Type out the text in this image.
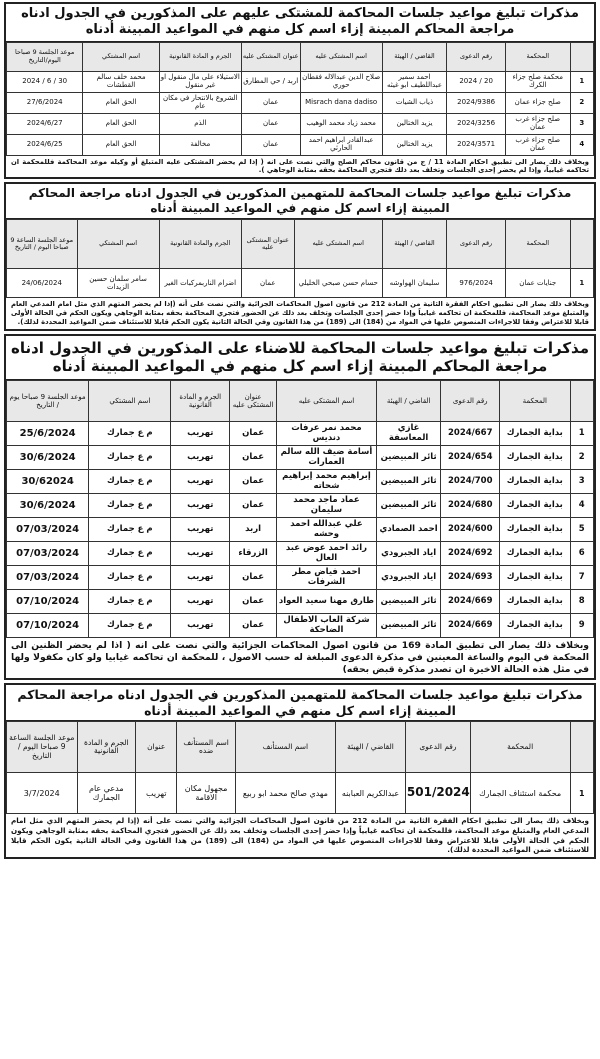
مذكرات تبليغ مواعيد جلسات المحاكمة للمشتكى عليهم على المذكورين في الجدول ادناه مراجعة المحاكم المبينة إزاء اسم كل منهم في المواعيد المبينة أدناه
	المحكمة	رقم الدعوى	القاضي / الهيئة	اسم المشتكى عليه	عنوان المشتكى عليه	الجرم و المادة القانونية	اسم المشتكي	موعد الجلسة 9 صباحا اليوم/التاريخ
1	محكمة صلح جزاء الكرك	20 / 2024	احمد سمير عبداللطيف ابو غيثه	صلاح الدين عبدالاله فقطان حوري	اربد / حي المطارق	الاستيلاء على مال منقول او غير منقول	محمد خلف سالم القطشات	30 / 6 / 2024
2	صلح جزاء عمان	2024/9386	ذياب الشيات	Misrach dana dadiso	عمان	الشروع بالانتحار في مكان عام	الحق العام	27/6/2024
3	صلح جزاء غرب عمان	2024/3256	يزيد الختالين	محمد زياد محمد الوهيب	عمان	الذم	الحق العام	2024/6/27
4	صلح جزاء غرب عمان	2024/3571	يزيد الختالين	عبدالقادر ابراهيم احمد الحارثي	عمان	مخالفة	الحق العام	2024/6/25
وبخلاف ذلك يصار الى تطبيق احكام المادة 11 / ج من قانون محاكم الصلح والتي نصت على انه ( إذا لم يحضر المشتكى عليه المتبلغ أو وكيله موعد المحاكمة فللمحكمة ان تحاكمه غيابياً، وإذا لم يحضر إحدى الجلسات وتخلف بعد ذلك فتجري المحاكمة بحقه بمثابة الوجاهي ).
مذكرات تبليغ مواعيد جلسات المحاكمة للمتهمين المذكورين في الجدول ادناه مراجعة المحاكم المبينة إزاء اسم كل منهم في المواعيد المبينة أدناه
	المحكمة	رقم الدعوى	القاضي / الهيئة	اسم المشتكى عليه	عنوان المشتكى عليه	الجرم والمادة القانونية	اسم المشتكي	موعد الجلسة الساعة 9 صباحا اليوم / التاريخ
1	جنايات عمان	976/2024	سليمان الهواوشه	حسام حسن صبحي الخليلي	عمان	اضرام الناربمركبات الغير	سامر سلمان حسين الزيدات	24/06/2024
وبخلاف ذلك يصار الى تطبيق احكام الفقرة الثانية من المادة 212 من قانون اصول المحاكمات الجزائية والتي نصت على أنه (إذا لم يحضر المتهم الذي مثل امام المدعي العام والمتبلغ موعد المحاكمة، فللمحكمة ان تحاكمه غيابياً وإذا حضر إحدى الجلسات وتخلف بعد ذلك عن الحضور فتجري المحاكمة بحقه بمثابة الوجاهي ويكون الحكم في الحالة الأولى قابلا للاعتراض وفقا للاجراءات المنصوص عليها في المواد من (184) الى (189) من هذا القانون وفي الحالة الثانية يكون الحكم قابلا للاستئناف ضمن المواعيد المحددة لذلك).
مذكرات تبليغ مواعيد جلسات المحاكمة للاضناء على المذكورين في الجدول ادناه مراجعة المحاكم المبينة إزاء اسم كل منهم في المواعيد المبينة أدناه
	المحكمة	رقم الدعوى	القاضي / الهيئة	اسم المشتكى عليه	عنوان المشتكى عليه	الجرم و المادة القانونية	اسم المشتكي	موعد الجلسة 9 صباحا يوم / التاريخ
1	بداية الجمارك	2024/667	غازي المعاسفة	محمد نمر عرفات دنديس	عمان	تهريب	م ع جمارك	25/6/2024
2	بداية الجمارك	2024/654	ثائر المبيضين	أسامة ضيف الله سالم العمارات	عمان	تهريب	م ع جمارك	30/6/2024
3	بداية الجمارك	2024/700	ثائر المبيضين	إبراهيم محمد إبراهيم شحاته	عمان	تهريب	م ع جمارك	30/62024
4	بداية الجمارك	2024/680	ثائر المبيضين	عماد ماجد محمد سليمان	عمان	تهريب	م ع جمارك	30/6/2024
5	بداية الجمارك	2024/600	احمد الصمادي	علي عبدالله احمد وحشه	اربد	تهريب	م ع جمارك	07/03/2024
6	بداية الجمارك	2024/692	اياد الجبرودي	رائد احمد عوض عبد العال	الزرقاء	تهريب	م ع جمارك	07/03/2024
7	بداية الجمارك	2024/693	اياد الجبرودي	احمد فياض مطر الشرفات	عمان	تهريب	م ع جمارك	07/03/2024
8	بداية الجمارك	2024/669	ثائر المبيضين	طارق مهنا سعيد العواد	عمان	تهريب	م ع جمارك	07/10/2024
9	بداية الجمارك	2024/669	ثائر المبيضين	شركة العاب الاطفال الضاحكة	عمان	تهريب	م ع جمارك	07/10/2024
وبخلاف ذلك يصار الى تطبيق المادة 169 من قانون اصول المحاكمات الجزائية والتي نصت على انه ( اذا لم يحضر الظنين الى المحكمة في اليوم والساعة المعينين في مذكرة الدعوى المبلغة له حسب الاصول ، للمحكمة ان تحاكمه غيابيا ولو كان مكفولا ولها في مثل هذه الحالة الاخيرة ان تصدر مذكرة قبض بحقه)
مذكرات تبليغ مواعيد جلسات المحاكمة للمتهمين المذكورين في الجدول ادناه مراجعة المحاكم المبينة إزاء اسم كل منهم في المواعيد المبينة أدناه
	المحكمة	رقم الدعوى	القاضي / الهيئة	اسم المستأنف	اسم المستأنف ضده	عنوان	الجرم و المادة القانونية	موعد الجلسة الساعة 9 صباحا اليوم / التاريخ
1	محكمة استئناف الجمارك	501/2024	عبدالكريم العبابنه	مهدي صالح محمد ابو ربيع	مجهول مكان الاقامة	تهريب	مدعي عام الجمارك	3/7/2024
وبخلاف ذلك يصار الى تطبيق احكام الفقرة الثانية من المادة 212 من قانون اصول المحاكمات الجزائية والتي نصت على أنه (إذا لم يحضر المتهم الذي مثل امام المدعي العام والمتبلغ موعد المحاكمة، فللمحكمة ان تحاكمه غيابياً وإذا حضر إحدى الجلسات وتخلف بعد ذلك عن الحضور فتجري المحاكمة بحقه بمثابة الوجاهي ويكون الحكم في الحالة الأولى قابلا للاعتراض وفقا للاجراءات المنصوص عليها في المواد من (184) الى (189) من هذا القانون وفي الحالة الثانية يكون الحكم قابلا للاستئناف ضمن المواعيد المحددة لذلك).
